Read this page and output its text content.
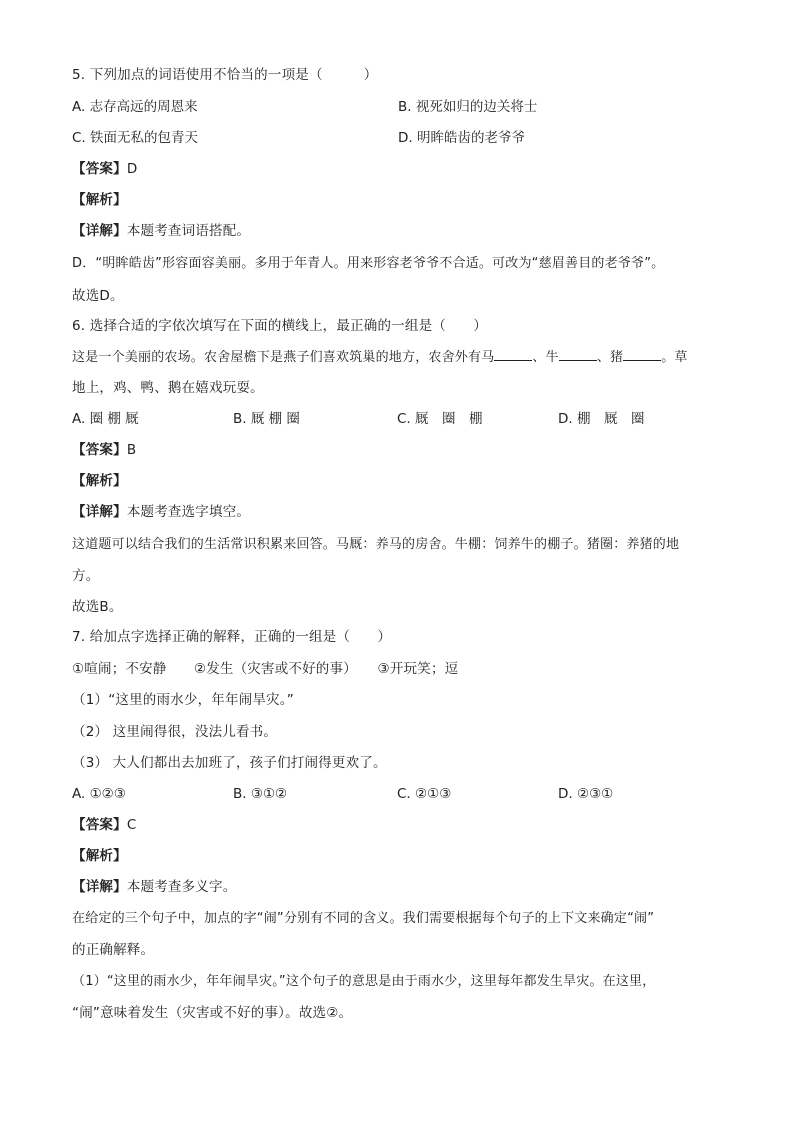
5. 下列加点的词语使用不恰当的一项是（　　　）
A. 志存高远的周恩来	B. 视死如归的边关将士
C. 铁面无私的包青天	D. 明眸皓齿的老爷爷
【答案】D
【解析】
【详解】本题考查词语搭配。
D．“明眸皓齿”形容面容美丽。多用于年青人。用来形容老爷爷不合适。可改为“慈眉善目的老爷爷”。
故选D。
6. 选择合适的字依次填写在下面的横线上，最正确的一组是（　　）
这是一个美丽的农场。农舍屋檐下是燕子们喜欢筑巢的地方，农舍外有马	、牛	、猪	。草
地上，鸡、鸭、鹅在嬉戏玩耍。
A. 圈 棚 厩	B. 厩 棚 圈	C. 厩　圈　棚	D. 棚　厩　圈
【答案】B
【解析】
【详解】本题考查选字填空。
这道题可以结合我们的生活常识积累来回答。马厩：养马的房舍。牛棚：饲养牛的棚子。猪圈：养猪的地
方。
故选B。
7. 给加点字选择正确的解释，正确的一组是（　　）
①喧闹；不安静　　②发生（灾害或不好的事）　　③开玩笑；逗
（1）“这里的雨水少，年年闹旱灾。”
（2） 这里闹得很，没法儿看书。
（3） 大人们都出去加班了，孩子们打闹得更欢了。
A. ①②③	B. ③①②	C. ②①③	D. ②③①
【答案】C
【解析】
【详解】本题考查多义字。
在给定的三个句子中，加点的字“闹”分别有不同的含义。我们需要根据每个句子的上下文来确定“闹”
的正确解释。
（1）“这里的雨水少，年年闹旱灾。”这个句子的意思是由于雨水少，这里每年都发生旱灾。在这里，
“闹”意味着发生（灾害或不好的事）。故选②。
